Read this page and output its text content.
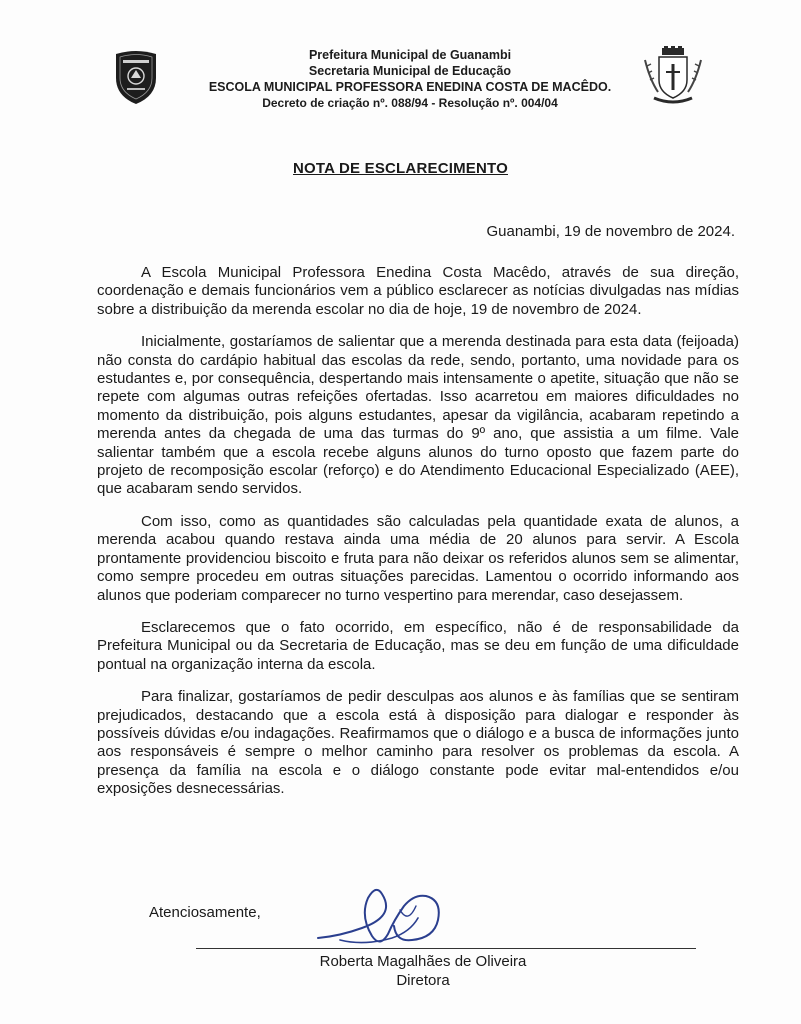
Prefeitura Municipal de Guanambi
Secretaria Municipal de Educação
ESCOLA MUNICIPAL PROFESSORA ENEDINA COSTA DE MACÊDO.
Decreto de criação nº. 088/94 - Resolução nº. 004/04
NOTA DE ESCLARECIMENTO
Guanambi, 19 de novembro de 2024.

A Escola Municipal Professora Enedina Costa Macêdo, através de sua direção, coordenação e demais funcionários vem a público esclarecer as notícias divulgadas nas mídias sobre a distribuição da merenda escolar no dia de hoje, 19 de novembro de 2024.

Inicialmente, gostaríamos de salientar que a merenda destinada para esta data (feijoada) não consta do cardápio habitual das escolas da rede, sendo, portanto, uma novidade para os estudantes e, por consequência, despertando mais intensamente o apetite, situação que não se repete com algumas outras refeições ofertadas. Isso acarretou em maiores dificuldades no momento da distribuição, pois alguns estudantes, apesar da vigilância, acabaram repetindo a merenda antes da chegada de uma das turmas do 9º ano, que assistia a um filme. Vale salientar também que a escola recebe alguns alunos do turno oposto que fazem parte do projeto de recomposição escolar (reforço) e do Atendimento Educacional Especializado (AEE), que acabaram sendo servidos.

Com isso, como as quantidades são calculadas pela quantidade exata de alunos, a merenda acabou quando restava ainda uma média de 20 alunos para servir. A Escola prontamente providenciou biscoito e fruta para não deixar os referidos alunos sem se alimentar, como sempre procedeu em outras situações parecidas. Lamentou o ocorrido informando aos alunos que poderiam comparecer no turno vespertino para merendar, caso desejassem.

Esclarecemos que o fato ocorrido, em específico, não é de responsabilidade da Prefeitura Municipal ou da Secretaria de Educação, mas se deu em função de uma dificuldade pontual na organização interna da escola.

Para finalizar, gostaríamos de pedir desculpas aos alunos e às famílias que se sentiram prejudicados, destacando que a escola está à disposição para dialogar e responder às possíveis dúvidas e/ou indagações. Reafirmamos que o diálogo e a busca de informações junto aos responsáveis é sempre o melhor caminho para resolver os problemas da escola. A presença da família na escola e o diálogo constante pode evitar mal-entendidos e/ou exposições desnecessárias.

Atenciosamente,
Roberta Magalhães de Oliveira
Diretora
